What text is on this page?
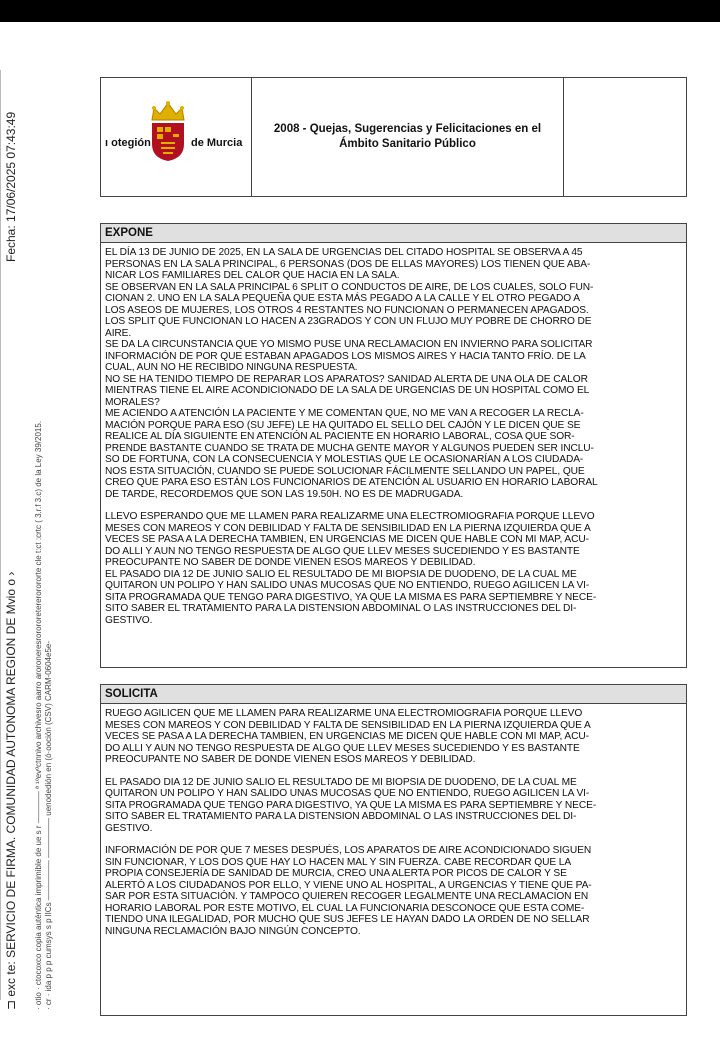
⊐ exc te: SERVICIO DE FIRMA. COMUNIDAD AUTONOMA REGION DE Mvio o › · otio · ctocoxco copia auténtica imprimible de ue s r ———— ª ¹ºevºctnnivo archivesro aarro aroroneresrorororetererorororte cle t:ct :crtc ( 3.r.f 3.c) de la Ley 39/2015. · cr · ida p p p cumsys s p lICs ————— ————— uenodedión en (ó·ooción (CSV) CARM-0604e5e-
Fecha: 17/06/2025 07:43:49	ı otegión	de Murcia
2008 - Quejas, Sugerencias y Felicitaciones en el Ámbito Sanitario Público
EXPONE

EL DÍA 13 DE JUNIO DE 2025, EN LA SALA DE URGENCIAS DEL CITADO HOSPITAL SE OBSERVA A 45
PERSONAS EN LA SALA PRINCIPAL, 6 PERSONAS (DOS DE ELLAS MAYORES) LOS TIENEN QUE ABA-
NICAR LOS FAMILIARES DEL CALOR QUE HACIA EN LA SALA.
SE OBSERVAN EN LA SALA PRINCIPAL 6 SPLIT O CONDUCTOS DE AIRE, DE LOS CUALES, SOLO FUN-
CIONAN 2. UNO EN LA SALA PEQUEÑA QUE ESTA MÁS PEGADO A LA CALLE Y EL OTRO PEGADO A
LOS ASEOS DE MUJERES, LOS OTROS 4 RESTANTES NO FUNCIONAN O PERMANECEN APAGADOS.
LOS SPLIT QUE FUNCIONAN LO HACEN A 23GRADOS Y CON UN FLUJO MUY POBRE DE CHORRO DE
AIRE.
SE DA LA CIRCUNSTANCIA QUE YO MISMO PUSE UNA RECLAMACION EN INVIERNO PARA SOLICITAR
INFORMACIÓN DE POR QUE ESTABAN APAGADOS LOS MISMOS AIRES Y HACIA TANTO FRÍO. DE LA
CUAL, AUN NO HE RECIBIDO NINGUNA RESPUESTA.
NO SE HA TENIDO TIEMPO DE REPARAR LOS APARATOS? SANIDAD ALERTA DE UNA OLA DE CALOR
MIENTRAS TIENE EL AIRE ACONDICIONADO DE LA SALA DE URGENCIAS DE UN HOSPITAL COMO EL
MORALES?
ME ACIENDO A ATENCIÓN LA PACIENTE Y ME COMENTAN QUE, NO ME VAN A RECOGER LA RECLA-
MACIÓN PORQUE PARA ESO (SU JEFE) LE HA QUITADO EL SELLO DEL CAJÓN Y LE DICEN QUE SE
REALICE AL DÍA SIGUIENTE EN ATENCIÓN AL PACIENTE EN HORARIO LABORAL, COSA QUE SOR-
PRENDE BASTANTE CUANDO SE TRATA DE MUCHA GENTE MAYOR Y ALGUNOS PUEDEN SER INCLU-
SO DE FORTUNA, CON LA CONSECUENCIA Y MOLESTIAS QUE LE OCASIONARÍAN A LOS CIUDADA-
NOS ESTA SITUACIÓN, CUANDO SE PUEDE SOLUCIONAR FÁCILMENTE SELLANDO UN PAPEL, QUE
CREO QUE PARA ESO ESTÁN LOS FUNCIONARIOS DE ATENCIÓN AL USUARIO EN HORARIO LABORAL
DE TARDE, RECORDEMOS QUE SON LAS 19.50H. NO ES DE MADRUGADA.

LLEVO ESPERANDO QUE ME LLAMEN PARA REALIZARME UNA ELECTROMIOGRAFIA PORQUE LLEVO
MESES CON MAREOS Y CON DEBILIDAD Y FALTA DE SENSIBILIDAD EN LA PIERNA IZQUIERDA QUE A
VECES SE PASA A LA DERECHA TAMBIEN, EN URGENCIAS ME DICEN QUE HABLE CON MI MAP, ACU-
DO ALLI Y AUN NO TENGO RESPUESTA DE ALGO QUE LLEV MESES SUCEDIENDO Y ES BASTANTE
PREOCUPANTE NO SABER DE DONDE VIENEN ESOS MAREOS Y DEBILIDAD.
EL PASADO DIA 12 DE JUNIO SALIO EL RESULTADO DE MI BIOPSIA DE DUODENO, DE LA CUAL ME
QUITARON UN POLIPO Y HAN SALIDO UNAS MUCOSAS QUE NO ENTIENDO, RUEGO AGILICEN LA VI-
SITA PROGRAMADA QUE TENGO PARA DIGESTIVO, YA QUE LA MISMA ES PARA SEPTIEMBRE Y NECE-
SITO SABER EL TRATAMIENTO PARA LA DISTENSION ABDOMINAL O LAS INSTRUCCIONES DEL DI-
GESTIVO.

SOLICITA

RUEGO AGILICEN QUE ME LLAMEN PARA REALIZARME UNA ELECTROMIOGRAFIA PORQUE LLEVO
MESES CON MAREOS Y CON DEBILIDAD Y FALTA DE SENSIBILIDAD EN LA PIERNA IZQUIERDA QUE A
VECES SE PASA A LA DERECHA TAMBIEN, EN URGENCIAS ME DICEN QUE HABLE CON MI MAP, ACU-
DO ALLI Y AUN NO TENGO RESPUESTA DE ALGO QUE LLEV MESES SUCEDIENDO Y ES BASTANTE
PREOCUPANTE NO SABER DE DONDE VIENEN ESOS MAREOS Y DEBILIDAD.

EL PASADO DIA 12 DE JUNIO SALIO EL RESULTADO DE MI BIOPSIA DE DUODENO, DE LA CUAL ME
QUITARON UN POLIPO Y HAN SALIDO UNAS MUCOSAS QUE NO ENTIENDO, RUEGO AGILICEN LA VI-
SITA PROGRAMADA QUE TENGO PARA DIGESTIVO, YA QUE LA MISMA ES PARA SEPTIEMBRE Y NECE-
SITO SABER EL TRATAMIENTO PARA LA DISTENSION ABDOMINAL O LAS INSTRUCCIONES DEL DI-
GESTIVO.

INFORMACIÓN DE POR QUE 7 MESES DESPUÉS, LOS APARATOS DE AIRE ACONDICIONADO SIGUEN
SIN FUNCIONAR, Y LOS DOS QUE HAY LO HACEN MAL Y SIN FUERZA. CABE RECORDAR QUE LA
PROPIA CONSEJERÍA DE SANIDAD DE MURCIA, CREO UNA ALERTA POR PICOS DE CALOR Y SE
ALERTÓ A LOS CIUDADANOS POR ELLO, Y VIENE UNO AL HOSPITAL, A URGENCIAS Y TIENE QUE PA-
SAR POR ESTA SITUACIÓN. Y TAMPOCO QUIEREN RECOGER LEGALMENTE UNA RECLAMACION EN
HORARIO LABORAL POR ESTE MOTIVO, EL CUAL LA FUNCIONARIA DESCONOCE QUE ESTA COME-
TIENDO UNA ILEGALIDAD, POR MUCHO QUE SUS JEFES LE HAYAN DADO LA ORDEN DE NO SELLAR
NINGUNA RECLAMACIÓN BAJO NINGÚN CONCEPTO.
